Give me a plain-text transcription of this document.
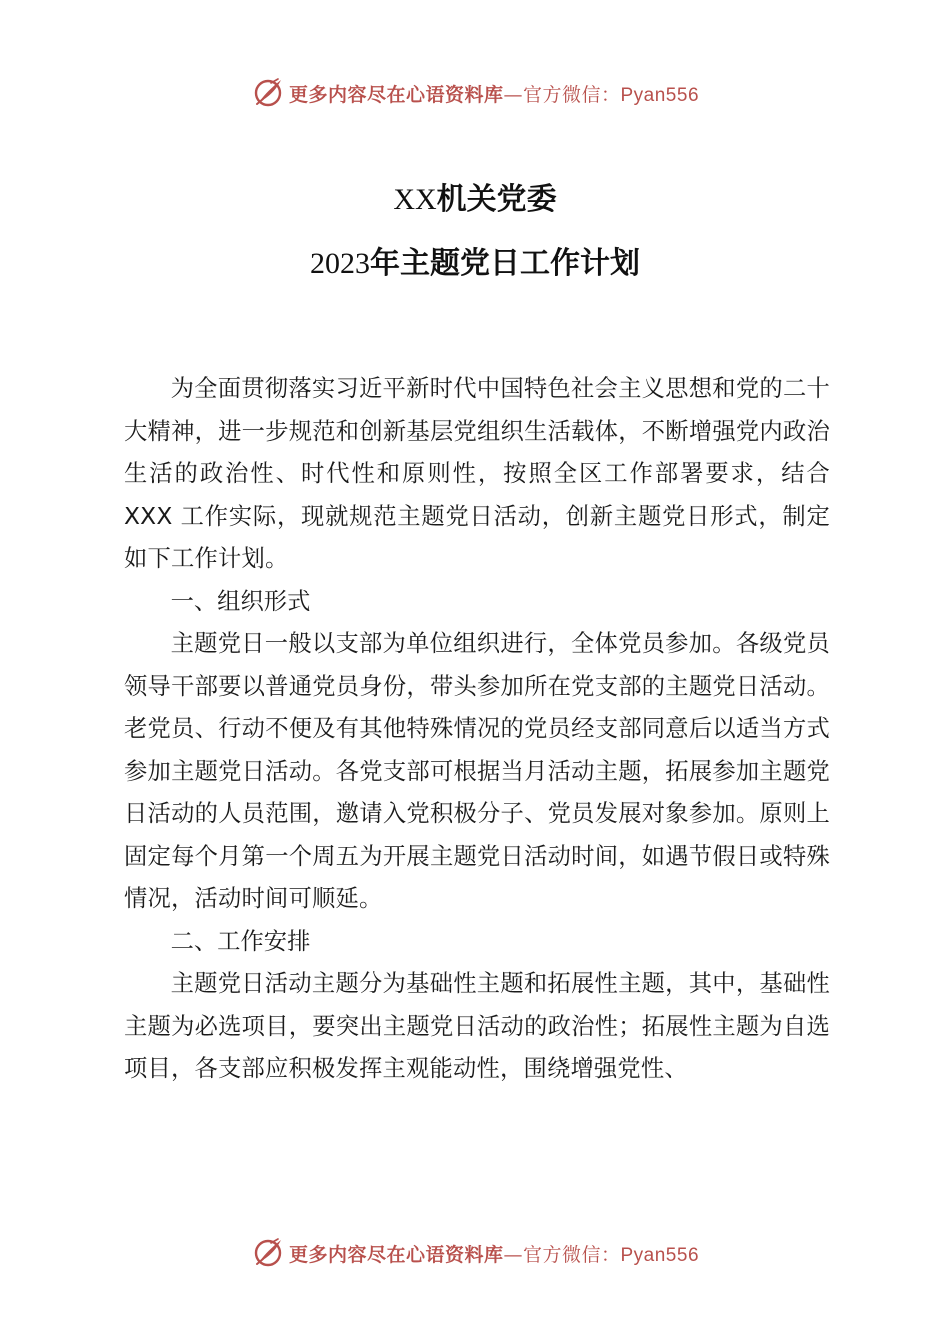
更多内容尽在心语资料库—官方微信：Pyan556
XX机关党委
2023年主题党日工作计划

为全面贯彻落实习近平新时代中国特色社会主义思想和党的二十大精神，进一步规范和创新基层党组织生活载体，不断增强党内政治生活的政治性、时代性和原则性，按照全区工作部署要求，结合 XXX 工作实际，现就规范主题党日活动，创新主题党日形式，制定如下工作计划。

一、组织形式

主题党日一般以支部为单位组织进行，全体党员参加。各级党员领导干部要以普通党员身份，带头参加所在党支部的主题党日活动。老党员、行动不便及有其他特殊情况的党员经支部同意后以适当方式参加主题党日活动。各党支部可根据当月活动主题，拓展参加主题党日活动的人员范围，邀请入党积极分子、党员发展对象参加。原则上固定每个月第一个周五为开展主题党日活动时间，如遇节假日或特殊情况，活动时间可顺延。

二、工作安排

主题党日活动主题分为基础性主题和拓展性主题，其中，基础性主题为必选项目，要突出主题党日活动的政治性；拓展性主题为自选项目，各支部应积极发挥主观能动性，围绕增强党性、

更多内容尽在心语资料库—官方微信：Pyan556
